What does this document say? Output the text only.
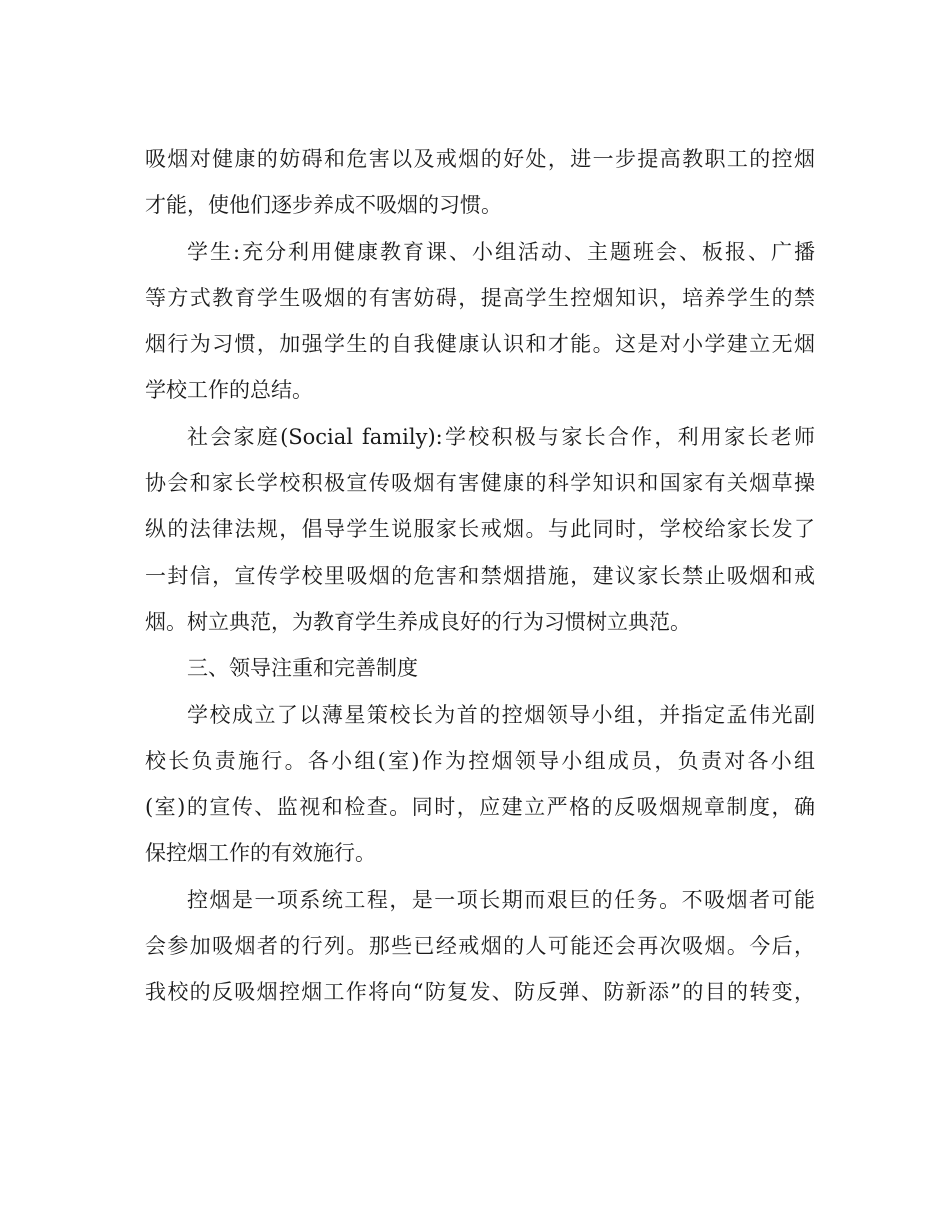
吸烟对健康的妨碍和危害以及戒烟的好处，进一步提高教职工的控烟
才能，使他们逐步养成不吸烟的习惯。
学生:充分利用健康教育课、小组活动、主题班会、板报、广播
等方式教育学生吸烟的有害妨碍，提高学生控烟知识，培养学生的禁
烟行为习惯，加强学生的自我健康认识和才能。这是对小学建立无烟
学校工作的总结。
社会家庭(Social family):学校积极与家长合作，利用家长老师
协会和家长学校积极宣传吸烟有害健康的科学知识和国家有关烟草操
纵的法律法规，倡导学生说服家长戒烟。与此同时，学校给家长发了
一封信，宣传学校里吸烟的危害和禁烟措施，建议家长禁止吸烟和戒
烟。树立典范，为教育学生养成良好的行为习惯树立典范。
三、领导注重和完善制度
学校成立了以薄星策校长为首的控烟领导小组，并指定孟伟光副
校长负责施行。各小组(室)作为控烟领导小组成员，负责对各小组
(室)的宣传、监视和检查。同时，应建立严格的反吸烟规章制度，确
保控烟工作的有效施行。
控烟是一项系统工程，是一项长期而艰巨的任务。不吸烟者可能
会参加吸烟者的行列。那些已经戒烟的人可能还会再次吸烟。今后，
我校的反吸烟控烟工作将向“防复发、防反弹、防新添”的目的转变，
